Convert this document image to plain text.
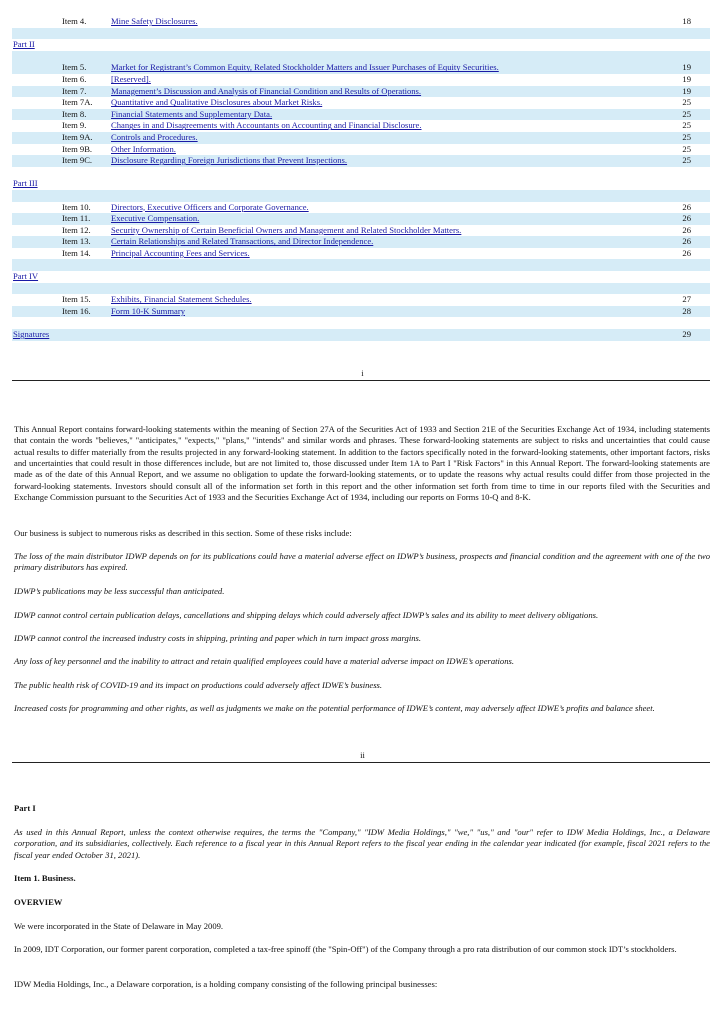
Item 4.	Mine Safety Disclosures.	18
Part II
Item 5.	Market for Registrant’s Common Equity, Related Stockholder Matters and Issuer Purchases of Equity Securities.	19
Item 6.	[Reserved].	19
Item 7.	Management’s Discussion and Analysis of Financial Condition and Results of Operations.	19
Item 7A. Quantitative and Qualitative Disclosures about Market Risks.	25
Item 8.	Financial Statements and Supplementary Data.	25
Item 9.	Changes in and Disagreements with Accountants on Accounting and Financial Disclosure.	25
Item 9A. Controls and Procedures.	25
Item 9B. Other Information.	25
Item 9C. Disclosure Regarding Foreign Jurisdictions that Prevent Inspections.	25
Part III
Item 10. Directors, Executive Officers and Corporate Governance.	26
Item 11. Executive Compensation.	26
Item 12. Security Ownership of Certain Beneficial Owners and Management and Related Stockholder Matters.	26
Item 13. Certain Relationships and Related Transactions, and Director Independence.	26
Item 14. Principal Accounting Fees and Services.	26
Part IV
Item 15. Exhibits, Financial Statement Schedules.	27
Item 16. Form 10-K Summary	28
Signatures	29
i
This Annual Report contains forward-looking statements within the meaning of Section 27A of the Securities Act of 1933 and Section 21E of the Securities Exchange Act of 1934, including statements that contain the words "believes," "anticipates," "expects," "plans," "intends" and similar words and phrases. These forward-looking statements are subject to risks and uncertainties that could cause actual results to differ materially from the results projected in any forward-looking statement. In addition to the factors specifically noted in the forward-looking statements, other important factors, risks and uncertainties that could result in those differences include, but are not limited to, those discussed under Item 1A to Part I "Risk Factors" in this Annual Report. The forward-looking statements are made as of the date of this Annual Report, and we assume no obligation to update the forward-looking statements, or to update the reasons why actual results could differ from those projected in the forward-looking statements. Investors should consult all of the information set forth in this report and the other information set forth from time to time in our reports filed with the Securities and Exchange Commission pursuant to the Securities Act of 1933 and the Securities Exchange Act of 1934, including our reports on Forms 10-Q and 8-K.
Our business is subject to numerous risks as described in this section. Some of these risks include:
The loss of the main distributor IDWP depends on for its publications could have a material adverse effect on IDWP’s business, prospects and financial condition and the agreement with one of the two primary distributors has expired.
IDWP’s publications may be less successful than anticipated.
IDWP cannot control certain publication delays, cancellations and shipping delays which could adversely affect IDWP’s sales and its ability to meet delivery obligations.
IDWP cannot control the increased industry costs in shipping, printing and paper which in turn impact gross margins.
Any loss of key personnel and the inability to attract and retain qualified employees could have a material adverse impact on IDWE’s operations.
The public health risk of COVID-19 and its impact on productions could adversely affect IDWE’s business.
Increased costs for programming and other rights, as well as judgments we make on the potential performance of IDWE’s content, may adversely affect IDWE’s profits and balance sheet.
ii
Part I
As used in this Annual Report, unless the context otherwise requires, the terms the "Company," "IDW Media Holdings," "we," "us," and "our" refer to IDW Media Holdings, Inc., a Delaware corporation, and its subsidiaries, collectively. Each reference to a fiscal year in this Annual Report refers to the fiscal year ending in the calendar year indicated (for example, fiscal 2021 refers to the fiscal year ended October 31, 2021).
Item 1. Business.
OVERVIEW
We were incorporated in the State of Delaware in May 2009.
In 2009, IDT Corporation, our former parent corporation, completed a tax-free spinoff (the "Spin-Off") of the Company through a pro rata distribution of our common stock IDT’s stockholders.
IDW Media Holdings, Inc., a Delaware corporation, is a holding company consisting of the following principal businesses:
